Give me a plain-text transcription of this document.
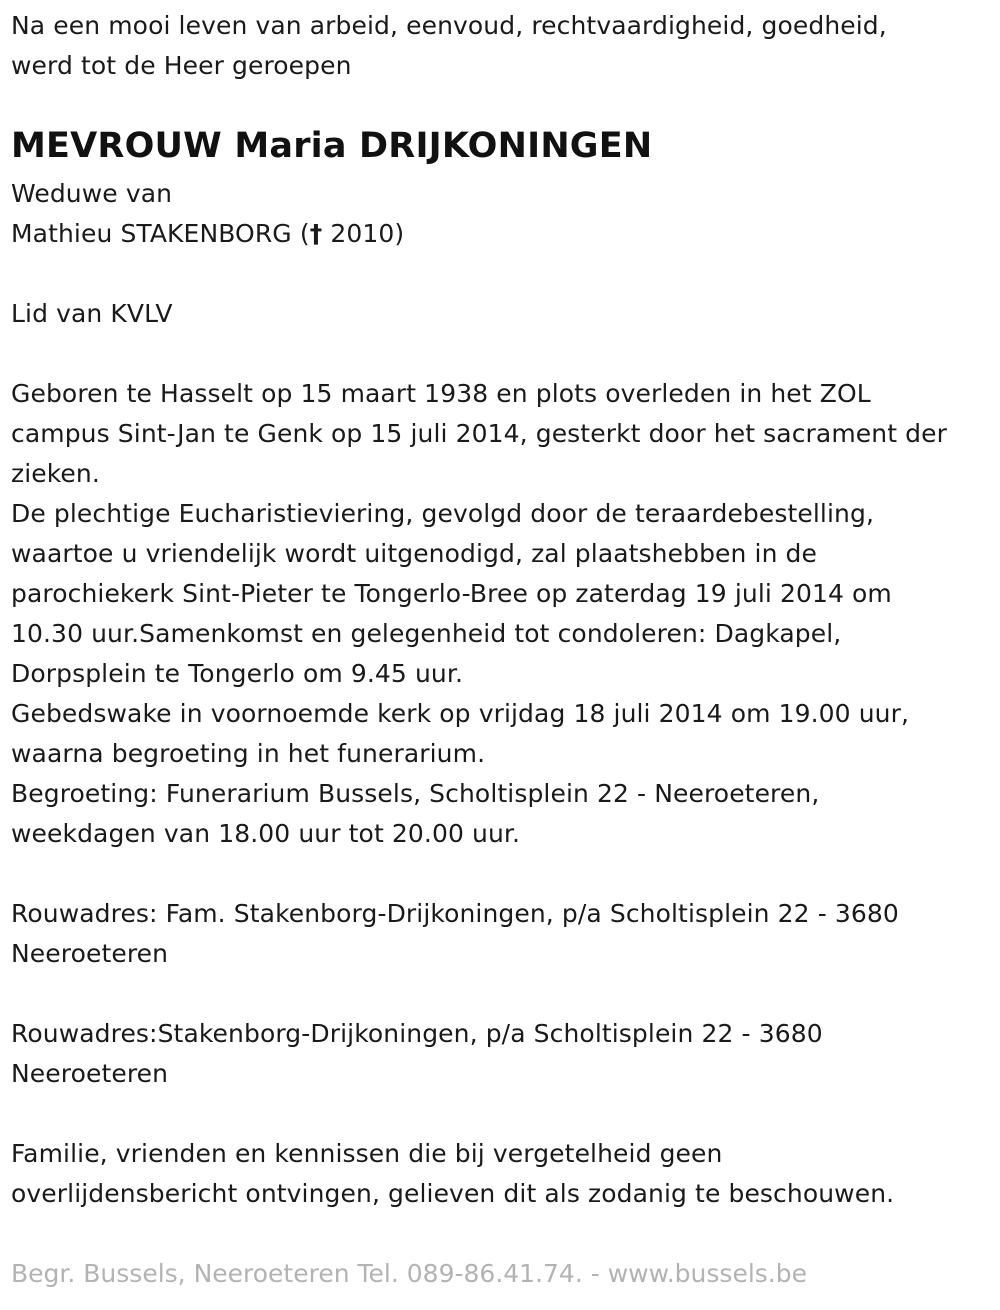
Na een mooi leven van arbeid, eenvoud, rechtvaardigheid, goedheid,
werd tot de Heer geroepen
MEVROUW Maria DRIJKONINGEN
Weduwe van
Mathieu STAKENBORG († 2010)
Lid van KVLV
Geboren te Hasselt op 15 maart 1938 en plots overleden in het ZOL
campus Sint-Jan te Genk op 15 juli 2014, gesterkt door het sacrament der
zieken.
De plechtige Eucharistieviering, gevolgd door de teraardebestelling,
waartoe u vriendelijk wordt uitgenodigd, zal plaatshebben in de
parochiekerk Sint-Pieter te Tongerlo-Bree op zaterdag 19 juli 2014 om
10.30 uur.Samenkomst en gelegenheid tot condoleren: Dagkapel,
Dorpsplein te Tongerlo om 9.45 uur.
Gebedswake in voornoemde kerk op vrijdag 18 juli 2014 om 19.00 uur,
waarna begroeting in het funerarium.
Begroeting: Funerarium Bussels, Scholtisplein 22 - Neeroeteren,
weekdagen van 18.00 uur tot 20.00 uur.
Rouwadres: Fam. Stakenborg-Drijkoningen, p/a Scholtisplein 22 - 3680
Neeroeteren
Rouwadres:Stakenborg-Drijkoningen, p/a Scholtisplein 22 - 3680
Neeroeteren
Familie, vrienden en kennissen die bij vergetelheid geen
overlijdensbericht ontvingen, gelieven dit als zodanig te beschouwen.
Begr. Bussels, Neeroeteren Tel. 089-86.41.74. - www.bussels.be
